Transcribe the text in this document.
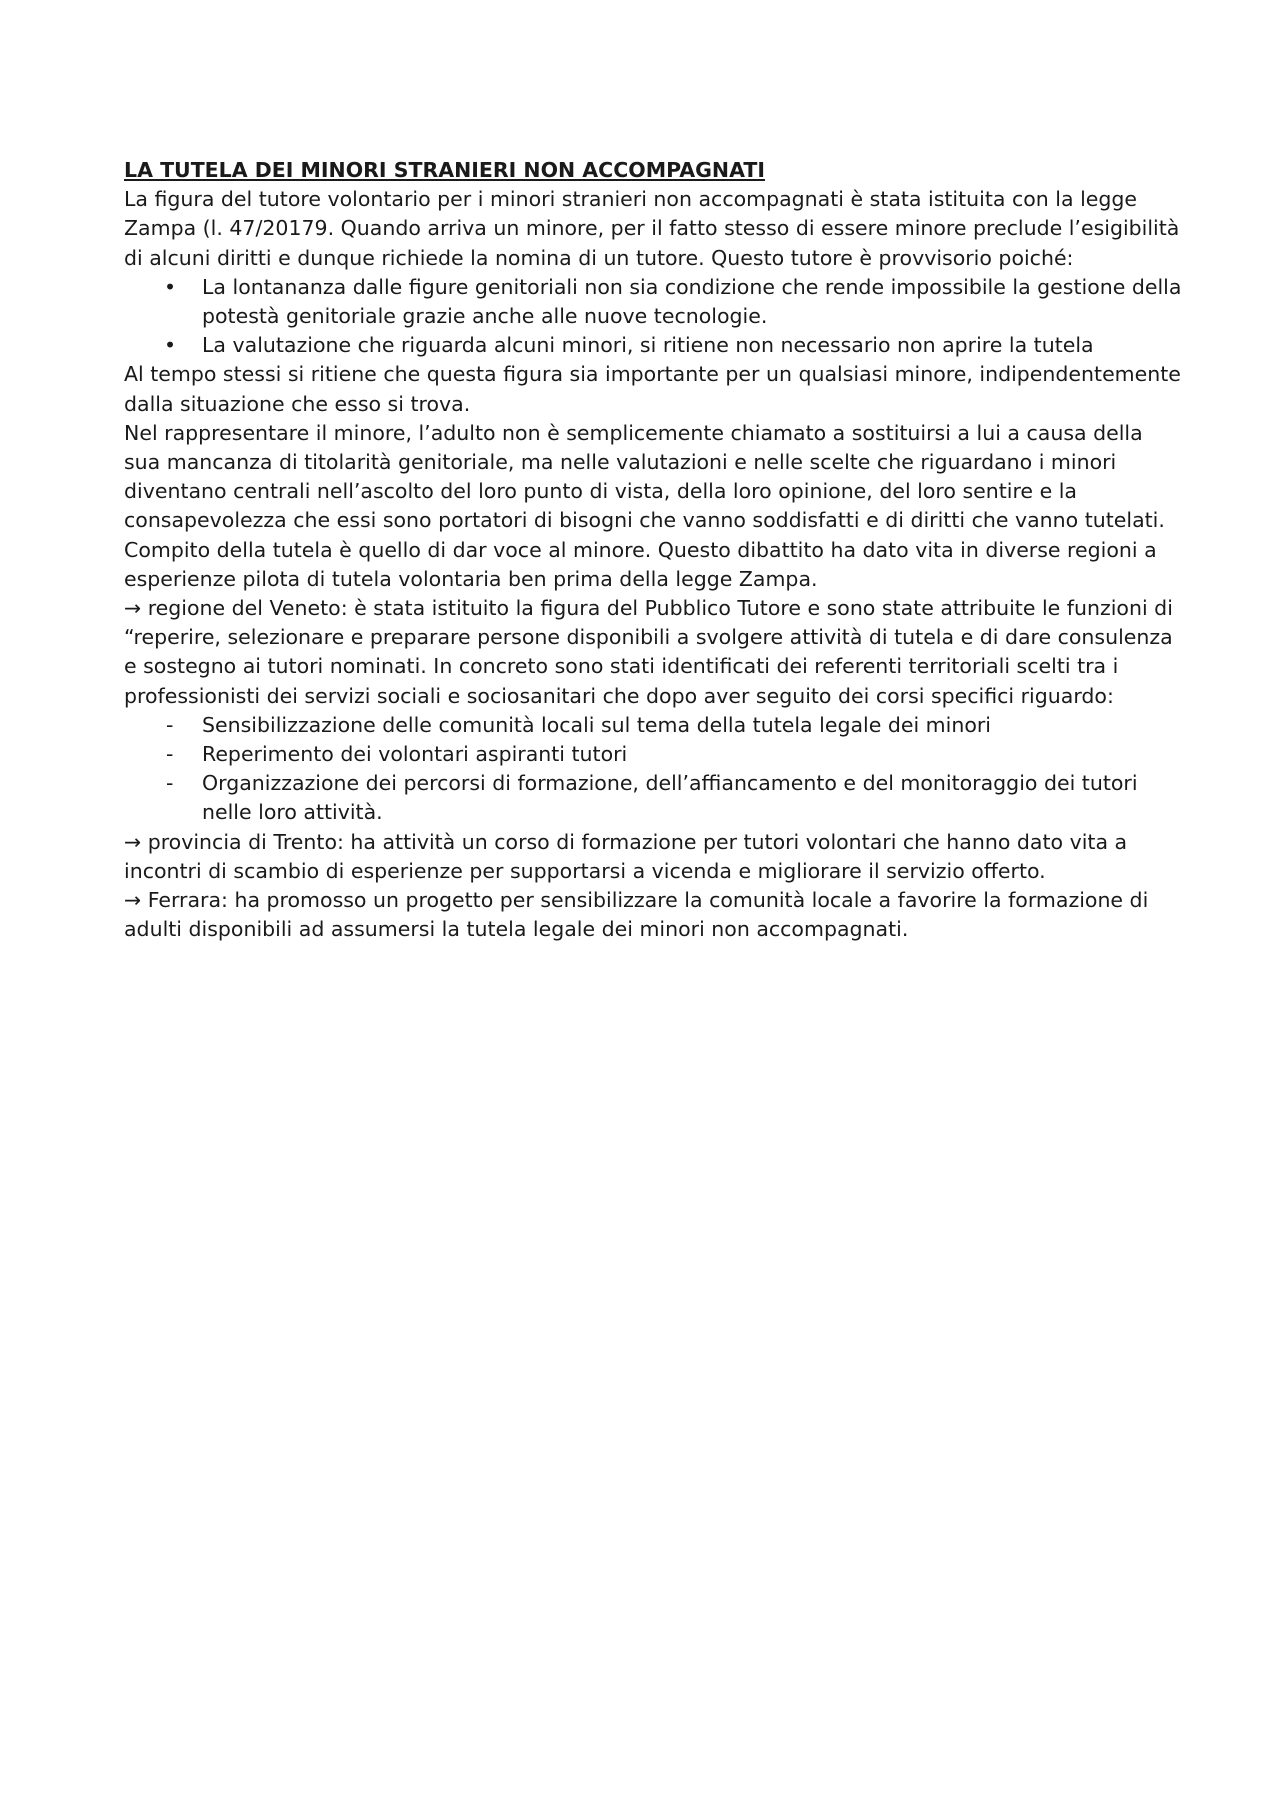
LA TUTELA DEI MINORI STRANIERI NON ACCOMPAGNATI

La figura del tutore volontario per i minori stranieri non accompagnati è stata istituita con la legge Zampa (l. 47/20179. Quando arriva un minore, per il fatto stesso di essere minore preclude l’esigibilità di alcuni diritti e dunque richiede la nomina di un tutore. Questo tutore è provvisorio poiché:

• La lontananza dalle figure genitoriali non sia condizione che rende impossibile la gestione della potestà genitoriale grazie anche alle nuove tecnologie.
• La valutazione che riguarda alcuni minori, si ritiene non necessario non aprire la tutela

Al tempo stessi si ritiene che questa figura sia importante per un qualsiasi minore, indipendentemente dalla situazione che esso si trova.

Nel rappresentare il minore, l’adulto non è semplicemente chiamato a sostituirsi a lui a causa della sua mancanza di titolarità genitoriale, ma nelle valutazioni e nelle scelte che riguardano i minori diventano centrali nell’ascolto del loro punto di vista, della loro opinione, del loro sentire e la consapevolezza che essi sono portatori di bisogni che vanno soddisfatti e di diritti che vanno tutelati. Compito della tutela è quello di dar voce al minore. Questo dibattito ha dato vita in diverse regioni a esperienze pilota di tutela volontaria ben prima della legge Zampa.

→ regione del Veneto: è stata istituito la figura del Pubblico Tutore e sono state attribuite le funzioni di “reperire, selezionare e preparare persone disponibili a svolgere attività di tutela e di dare consulenza e sostegno ai tutori nominati. In concreto sono stati identificati dei referenti territoriali scelti tra i professionisti dei servizi sociali e sociosanitari che dopo aver seguito dei corsi specifici riguardo:

- Sensibilizzazione delle comunità locali sul tema della tutela legale dei minori
- Reperimento dei volontari aspiranti tutori
- Organizzazione dei percorsi di formazione, dell’affiancamento e del monitoraggio dei tutori nelle loro attività.

→ provincia di Trento: ha attività un corso di formazione per tutori volontari che hanno dato vita a incontri di scambio di esperienze per supportarsi a vicenda e migliorare il servizio offerto.

→ Ferrara: ha promosso un progetto per sensibilizzare la comunità locale a favorire la formazione di adulti disponibili ad assumersi la tutela legale dei minori non accompagnati.
